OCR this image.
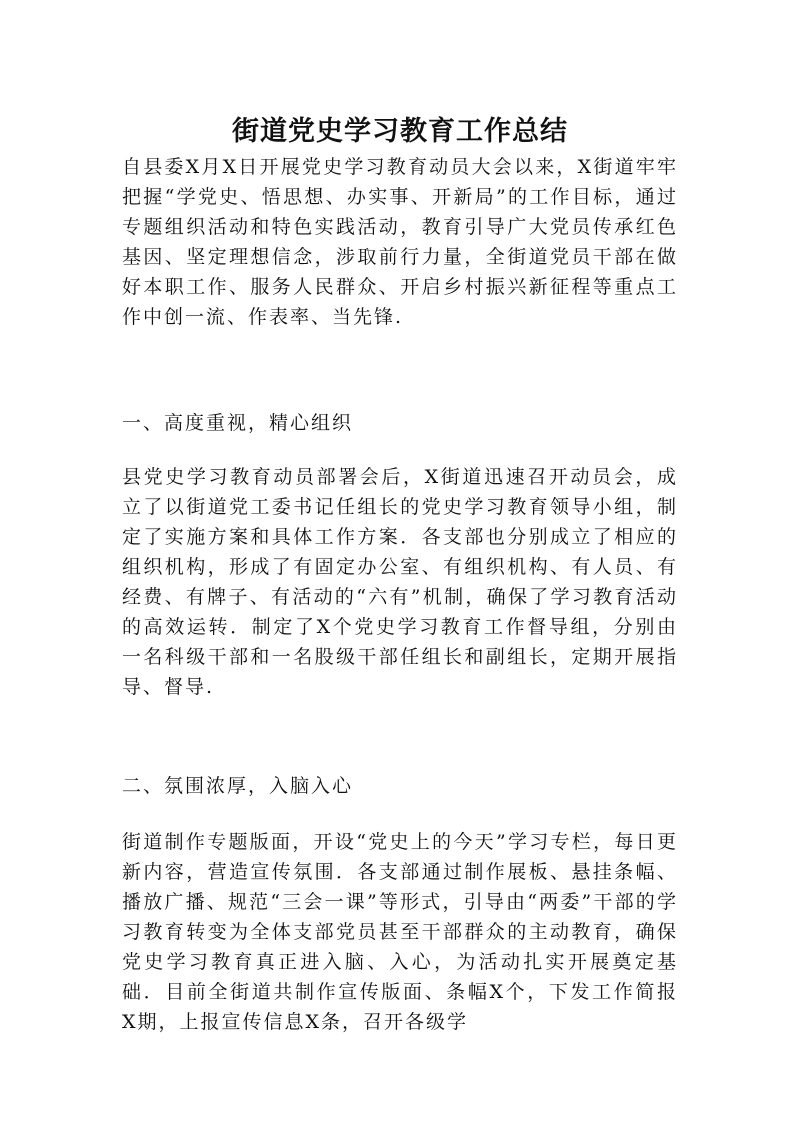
街道党史学习教育工作总结

自县委X月X日开展党史学习教育动员大会以来，X街道牢牢把握“学党史、悟思想、办实事、开新局”的工作目标，通过专题组织活动和特色实践活动，教育引导广大党员传承红色基因、坚定理想信念，涉取前行力量，全街道党员干部在做好本职工作、服务人民群众、开启乡村振兴新征程等重点工作中创一流、作表率、当先锋.

一、高度重视，精心组织

县党史学习教育动员部署会后，X街道迅速召开动员会，成立了以街道党工委书记任组长的党史学习教育领导小组，制定了实施方案和具体工作方案．各支部也分别成立了相应的组织机构，形成了有固定办公室、有组织机构、有人员、有经费、有牌子、有活动的“六有”机制，确保了学习教育活动的高效运转．制定了X个党史学习教育工作督导组，分别由一名科级干部和一名股级干部任组长和副组长，定期开展指导、督导.

二、氛围浓厚，入脑入心

街道制作专题版面，开设“党史上的今天”学习专栏，每日更新内容，营造宣传氛围．各支部通过制作展板、悬挂条幅、播放广播、规范“三会一课”等形式，引导由“两委”干部的学习教育转变为全体支部党员甚至干部群众的主动教育，确保党史学习教育真正进入脑、入心，为活动扎实开展奠定基础．目前全街道共制作宣传版面、条幅X个，下发工作简报X期，上报宣传信息X条，召开各级学
